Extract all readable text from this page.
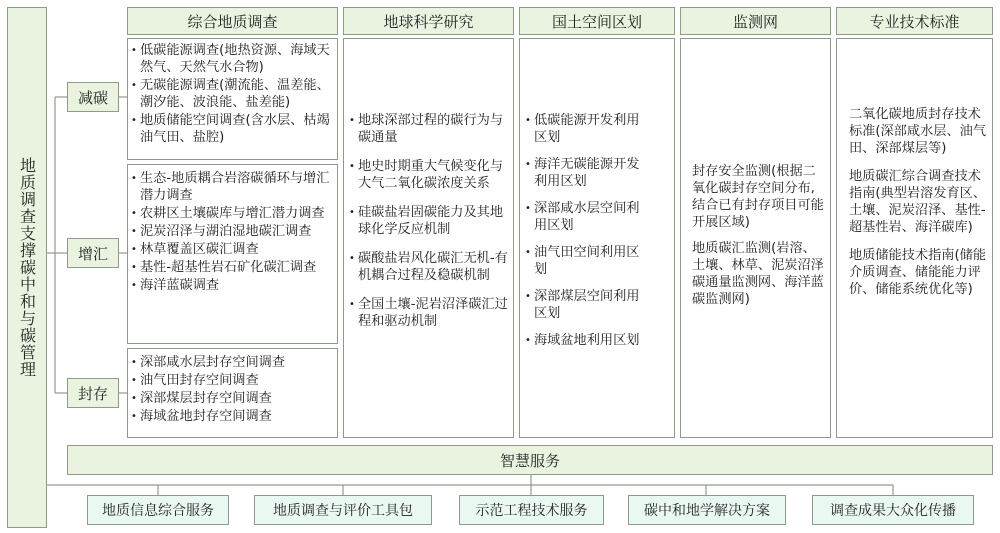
地质调查支撑碳中和与碳管理
综合地质调查	地球科学研究	国土空间区划	监测网	专业技术标准
减碳
增汇
封存
• 低碳能源调查(地热资源、海域天然气、天然气水合物)
• 无碳能源调查(潮流能、温差能、潮汐能、波浪能、盐差能)
• 地质储能空间调查(含水层、枯竭油气田、盐腔)
• 生态-地质耦合岩溶碳循环与增汇潜力调查
• 农耕区土壤碳库与增汇潜力调查
• 泥炭沼泽与湖泊湿地碳汇调查
• 林草覆盖区碳汇调查
• 基性-超基性岩石矿化碳汇调查
• 海洋蓝碳调查
• 深部咸水层封存空间调查
• 油气田封存空间调查
• 深部煤层封存空间调查
• 海域盆地封存空间调查
• 地球深部过程的碳行为与碳通量
• 地史时期重大气候变化与大气二氧化碳浓度关系
• 硅碳盐岩固碳能力及其地球化学反应机制
• 碳酸盐岩风化碳汇无机-有机耦合过程及稳碳机制
• 全国土壤-泥岩沼泽碳汇过程和驱动机制
• 低碳能源开发利用区划
• 海洋无碳能源开发利用区划
• 深部咸水层空间利用区划
• 油气田空间利用区划
• 深部煤层空间利用区划
• 海域盆地利用区划
封存安全监测(根据二氧化碳封存空间分布,结合已有封存项目可能开展区域)
地质碳汇监测(岩溶、土壤、林草、泥炭沼泽碳通量监测网、海洋蓝碳监测网)
二氧化碳地质封存技术标准(深部咸水层、油气田、深部煤层等)
地质碳汇综合调查技术指南(典型岩溶发育区、土壤、泥炭沼泽、基性-超基性岩、海洋碳库)
地质储能技术指南(储能介质调查、储能能力评价、储能系统优化等)
智慧服务
地质信息综合服务	地质调查与评价工具包	示范工程技术服务	碳中和地学解决方案	调查成果大众化传播
